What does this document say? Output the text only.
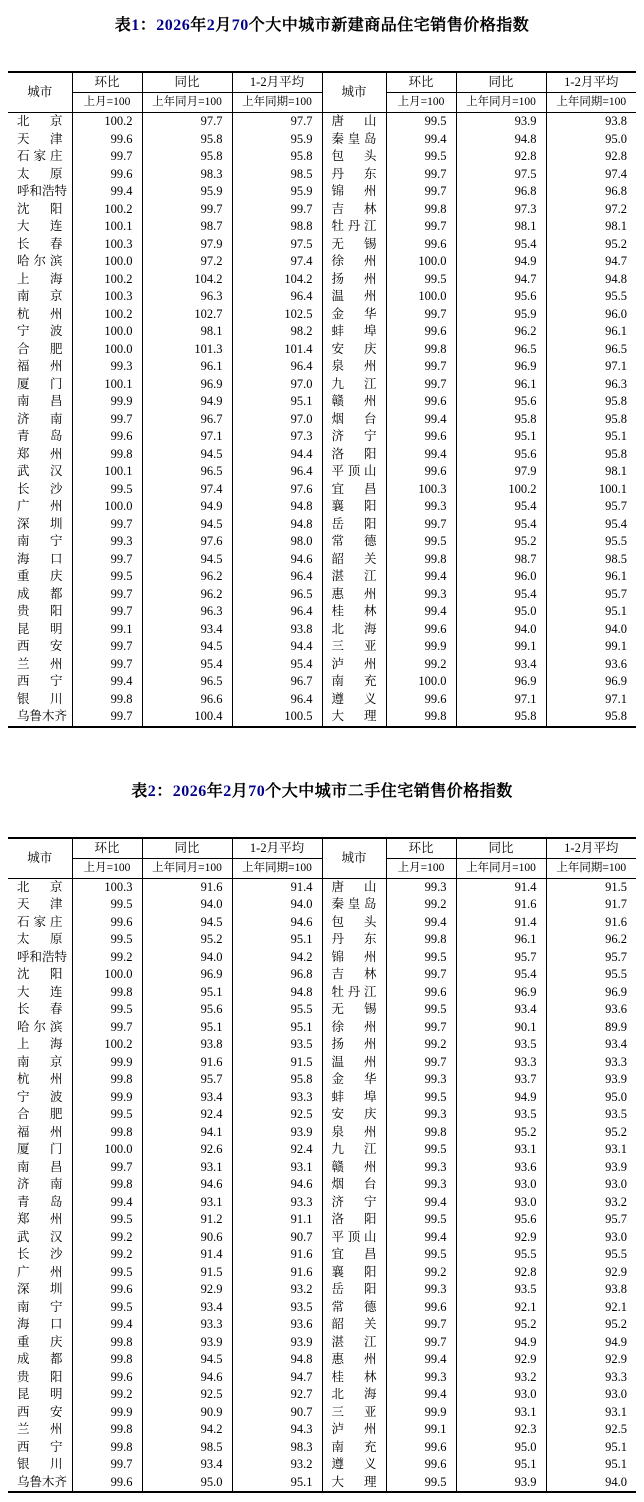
表1：2026年2月70个大中城市新建商品住宅销售价格指数
城市	环比	同比	1-2月平均	城市	环比	同比	1-2月平均
	上月=100	上年同月=100	上年同期=100		上月=100	上年同月=100	上年同期=100
北京	100.2	97.7	97.7	唐山	99.5	93.9	93.8
天津	99.6	95.8	95.9	秦皇岛	99.4	94.8	95.0
石家庄	99.7	95.8	95.8	包头	99.5	92.8	92.8
太原	99.6	98.3	98.5	丹东	99.7	97.5	97.4
呼和浩特	99.4	95.9	95.9	锦州	99.7	96.8	96.8
沈阳	100.2	99.7	99.7	吉林	99.8	97.3	97.2
大连	100.1	98.7	98.8	牡丹江	99.7	98.1	98.1
长春	100.3	97.9	97.5	无锡	99.6	95.4	95.2
哈尔滨	100.0	97.2	97.4	徐州	100.0	94.9	94.7
上海	100.2	104.2	104.2	扬州	99.5	94.7	94.8
南京	100.3	96.3	96.4	温州	100.0	95.6	95.5
杭州	100.2	102.7	102.5	金华	99.7	95.9	96.0
宁波	100.0	98.1	98.2	蚌埠	99.6	96.2	96.1
合肥	100.0	101.3	101.4	安庆	99.8	96.5	96.5
福州	99.3	96.1	96.4	泉州	99.7	96.9	97.1
厦门	100.1	96.9	97.0	九江	99.7	96.1	96.3
南昌	99.9	94.9	95.1	赣州	99.6	95.6	95.8
济南	99.7	96.7	97.0	烟台	99.4	95.8	95.8
青岛	99.6	97.1	97.3	济宁	99.6	95.1	95.1
郑州	99.8	94.5	94.4	洛阳	99.4	95.6	95.8
武汉	100.1	96.5	96.4	平顶山	99.6	97.9	98.1
长沙	99.5	97.4	97.6	宜昌	100.3	100.2	100.1
广州	100.0	94.9	94.8	襄阳	99.3	95.4	95.7
深圳	99.7	94.5	94.8	岳阳	99.7	95.4	95.4
南宁	99.3	97.6	98.0	常德	99.5	95.2	95.5
海口	99.7	94.5	94.6	韶关	99.8	98.7	98.5
重庆	99.5	96.2	96.4	湛江	99.4	96.0	96.1
成都	99.7	96.2	96.5	惠州	99.3	95.4	95.7
贵阳	99.7	96.3	96.4	桂林	99.4	95.0	95.1
昆明	99.1	93.4	93.8	北海	99.6	94.0	94.0
西安	99.7	94.5	94.4	三亚	99.9	99.1	99.1
兰州	99.7	95.4	95.4	泸州	99.2	93.4	93.6
西宁	99.4	96.5	96.7	南充	100.0	96.9	96.9
银川	99.8	96.6	96.4	遵义	99.6	97.1	97.1
乌鲁木齐	99.7	100.4	100.5	大理	99.8	95.8	95.8
表2：2026年2月70个大中城市二手住宅销售价格指数
城市	环比	同比	1-2月平均	城市	环比	同比	1-2月平均
	上月=100	上年同月=100	上年同期=100		上月=100	上年同月=100	上年同期=100
北京	100.3	91.6	91.4	唐山	99.3	91.4	91.5
天津	99.5	94.0	94.0	秦皇岛	99.2	91.6	91.7
石家庄	99.6	94.5	94.6	包头	99.4	91.4	91.6
太原	99.5	95.2	95.1	丹东	99.8	96.1	96.2
呼和浩特	99.2	94.0	94.2	锦州	99.5	95.7	95.7
沈阳	100.0	96.9	96.8	吉林	99.7	95.4	95.5
大连	99.8	95.1	94.8	牡丹江	99.6	96.9	96.9
长春	99.5	95.6	95.5	无锡	99.5	93.4	93.6
哈尔滨	99.7	95.1	95.1	徐州	99.7	90.1	89.9
上海	100.2	93.8	93.5	扬州	99.2	93.5	93.4
南京	99.9	91.6	91.5	温州	99.7	93.3	93.3
杭州	99.8	95.7	95.8	金华	99.3	93.7	93.9
宁波	99.9	93.4	93.3	蚌埠	99.5	94.9	95.0
合肥	99.5	92.4	92.5	安庆	99.3	93.5	93.5
福州	99.8	94.1	93.9	泉州	99.8	95.2	95.2
厦门	100.0	92.6	92.4	九江	99.5	93.1	93.1
南昌	99.7	93.1	93.1	赣州	99.3	93.6	93.9
济南	99.8	94.6	94.6	烟台	99.3	93.0	93.0
青岛	99.4	93.1	93.3	济宁	99.4	93.0	93.2
郑州	99.5	91.2	91.1	洛阳	99.5	95.6	95.7
武汉	99.2	90.6	90.7	平顶山	99.4	92.9	93.0
长沙	99.2	91.4	91.6	宜昌	99.5	95.5	95.5
广州	99.5	91.5	91.6	襄阳	99.2	92.8	92.9
深圳	99.6	92.9	93.2	岳阳	99.3	93.5	93.8
南宁	99.5	93.4	93.5	常德	99.6	92.1	92.1
海口	99.4	93.3	93.6	韶关	99.7	95.2	95.2
重庆	99.8	93.9	93.9	湛江	99.7	94.9	94.9
成都	99.8	94.5	94.8	惠州	99.4	92.9	92.9
贵阳	99.6	94.6	94.7	桂林	99.3	93.2	93.3
昆明	99.2	92.5	92.7	北海	99.4	93.0	93.0
西安	99.9	90.9	90.7	三亚	99.9	93.1	93.1
兰州	99.8	94.2	94.3	泸州	99.1	92.3	92.5
西宁	99.8	98.5	98.3	南充	99.6	95.0	95.1
银川	99.7	93.4	93.2	遵义	99.6	95.1	95.1
乌鲁木齐	99.6	95.0	95.1	大理	99.5	93.9	94.0
